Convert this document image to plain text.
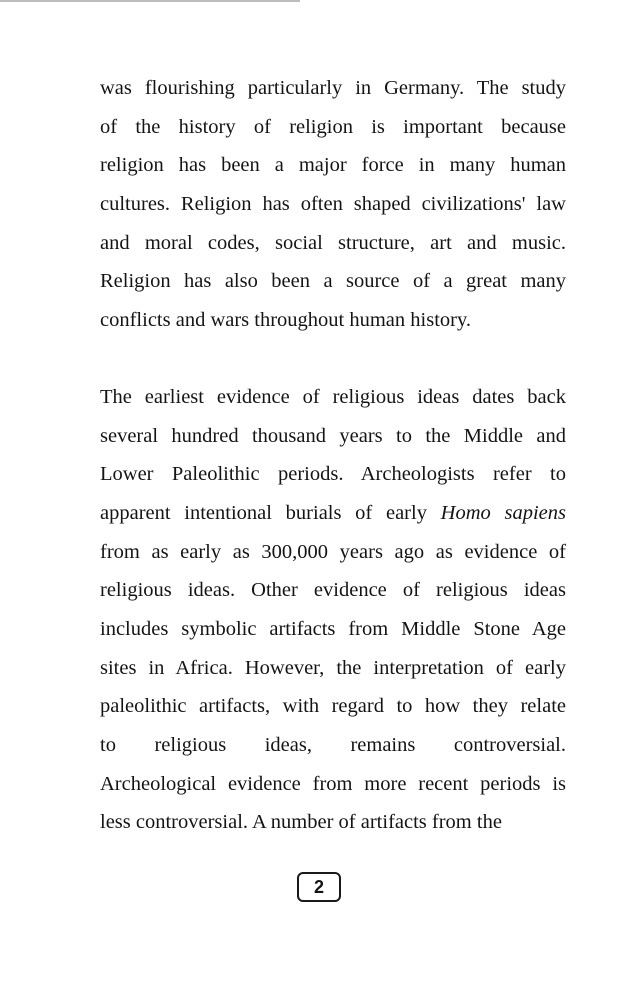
was flourishing particularly in Germany. The study
of the history of religion is important because
religion has been a major force in many human
cultures. Religion has often shaped civilizations' law
and moral codes, social structure, art and music.
Religion has also been a source of a great many
conflicts and wars throughout human history.
The earliest evidence of religious ideas dates back
several hundred thousand years to the Middle and
Lower Paleolithic periods. Archeologists refer to
apparent intentional burials of early Homo sapiens
from as early as 300,000 years ago as evidence of
religious ideas. Other evidence of religious ideas
includes symbolic artifacts from Middle Stone Age
sites in Africa. However, the interpretation of early
paleolithic artifacts, with regard to how they relate
to religious ideas, remains controversial.
Archeological evidence from more recent periods is
less controversial. A number of artifacts from the
2
